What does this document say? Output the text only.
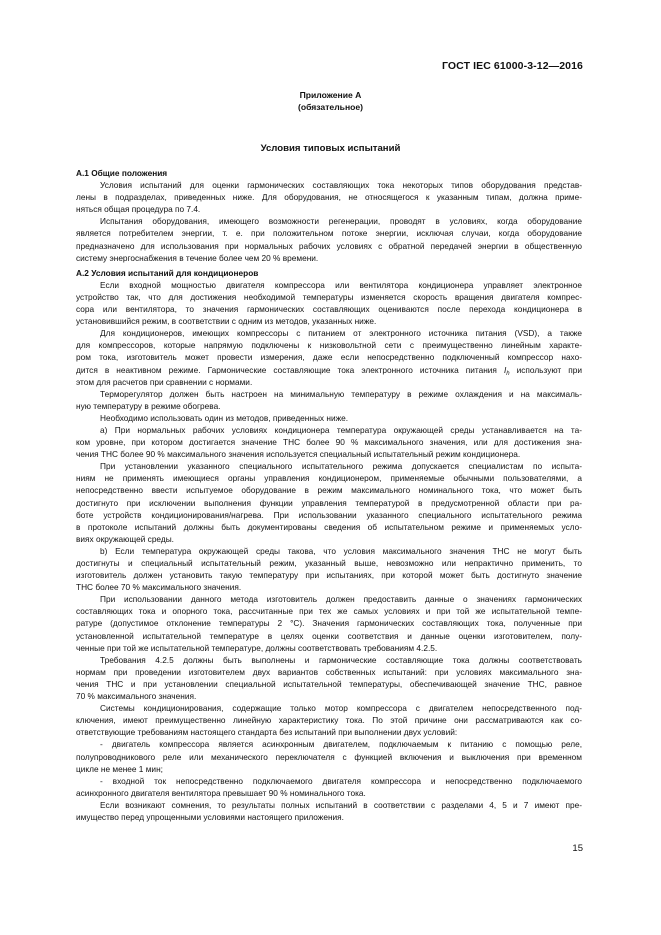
ГОСТ IEC 61000-3-12—2016
Приложение А
(обязательное)
Условия типовых испытаний
А.1 Общие положения
Условия испытаний для оценки гармонических составляющих тока некоторых типов оборудования представ-
лены в подразделах, приведенных ниже. Для оборудования, не относящегося к указанным типам, должна приме-
няться общая процедура по 7.4.
Испытания оборудования, имеющего возможности регенерации, проводят в условиях, когда оборудование
является потребителем энергии, т. е. при положительном потоке энергии, исключая случаи, когда оборудование
предназначено для использования при нормальных рабочих условиях с обратной передачей энергии в общественную
систему энергоснабжения в течение более чем 20 % времени.
А.2 Условия испытаний для кондиционеров
Если входной мощностью двигателя компрессора или вентилятора кондиционера управляет электронное
устройство так, что для достижения необходимой температуры изменяется скорость вращения двигателя компрес-
сора или вентилятора, то значения гармонических составляющих оцениваются после перехода кондиционера в
установившийся режим, в соответствии с одним из методов, указанных ниже.
Для кондиционеров, имеющих компрессоры с питанием от электронного источника питания (VSD), а также
для компрессоров, которые напрямую подключены к низковольтной сети с преимущественно линейным характе-
ром тока, изготовитель может провести измерения, даже если непосредственно подключенный компрессор нахо-
дится в неактивном режиме. Гармонические составляющие тока электронного источника питания $I_h$ используют при
этом для расчетов при сравнении с нормами.
Терморегулятор должен быть настроен на минимальную температуру в режиме охлаждения и на максималь-
ную температуру в режиме обогрева.
Необходимо использовать один из методов, приведенных ниже.
а) При нормальных рабочих условиях кондиционера температура окружающей среды устанавливается на та-
ком уровне, при котором достигается значение THC более 90 % максимального значения, или для достижения зна-
чения THC более 90 % максимального значения используется специальный испытательный режим кондиционера.
При установлении указанного специального испытательного режима допускается специалистам по испыта-
ниям не применять имеющиеся органы управления кондиционером, применяемые обычными пользователями, а
непосредственно ввести испытуемое оборудование в режим максимального номинального тока, что может быть
достигнуто при исключении выполнения функции управления температурой в предусмотренной области при ра-
боте устройств кондиционирования/нагрева. При использовании указанного специального испытательного режима
в протоколе испытаний должны быть документированы сведения об испытательном режиме и применяемых усло-
виях окружающей среды.
b) Если температура окружающей среды такова, что условия максимального значения THC не могут быть
достигнуты и специальный испытательный режим, указанный выше, невозможно или непрактично применить, то
изготовитель должен установить такую температуру при испытаниях, при которой может быть достигнуто значение
THC более 70 % максимального значения.
При использовании данного метода изготовитель должен предоставить данные о значениях гармонических
составляющих тока и опорного тока, рассчитанные при тех же самых условиях и при той же испытательной темпе-
ратуре (допустимое отклонение температуры 2 °C). Значения гармонических составляющих тока, полученные при
установленной испытательной температуре в целях оценки соответствия и данные оценки изготовителем, полу-
ченные при той же испытательной температуре, должны соответствовать требованиям 4.2.5.
Требования 4.2.5 должны быть выполнены и гармонические составляющие тока должны соответствовать
нормам при проведении изготовителем двух вариантов собственных испытаний: при условиях максимального зна-
чения THC и при установлении специальной испытательной температуры, обеспечивающей значение THC, равное
70 % максимального значения.
Системы кондиционирования, содержащие только мотор компрессора с двигателем непосредственного под-
ключения, имеют преимущественно линейную характеристику тока. По этой причине они рассматриваются как со-
ответствующие требованиям настоящего стандарта без испытаний при выполнении двух условий:
- двигатель компрессора является асинхронным двигателем, подключаемым к питанию с помощью реле,
полупроводникового реле или механического переключателя с функцией включения и выключения при временном
цикле не менее 1 мин;
- входной ток непосредственно подключаемого двигателя компрессора и непосредственно подключаемого
асинхронного двигателя вентилятора превышает 90 % номинального тока.
Если возникают сомнения, то результаты полных испытаний в соответствии с разделами 4, 5 и 7 имеют пре-
имущество перед упрощенными условиями настоящего приложения.
15
